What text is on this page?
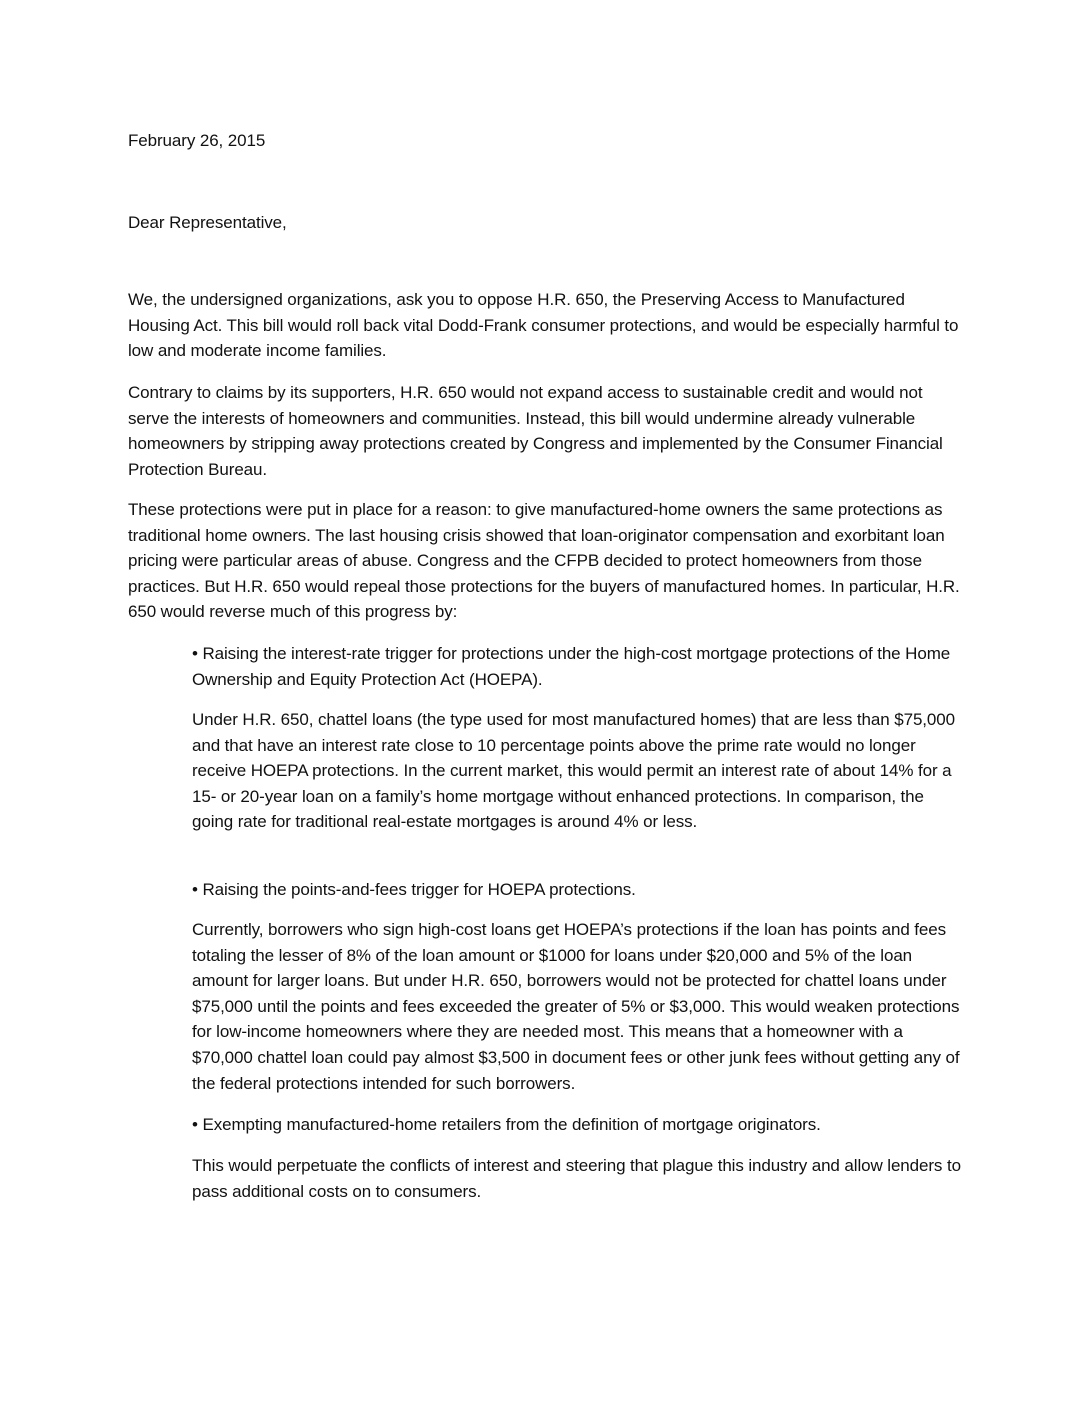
February 26, 2015

Dear Representative,

We, the undersigned organizations, ask you to oppose H.R. 650, the Preserving Access to Manufactured Housing Act. This bill would roll back vital Dodd-Frank consumer protections, and would be especially harmful to low and moderate income families.

Contrary to claims by its supporters, H.R. 650 would not expand access to sustainable credit and would not serve the interests of homeowners and communities. Instead, this bill would undermine already vulnerable homeowners by stripping away protections created by Congress and implemented by the Consumer Financial Protection Bureau.

These protections were put in place for a reason: to give manufactured-home owners the same protections as traditional home owners. The last housing crisis showed that loan-originator compensation and exorbitant loan pricing were particular areas of abuse. Congress and the CFPB decided to protect homeowners from those practices. But H.R. 650 would repeal those protections for the buyers of manufactured homes. In particular, H.R. 650 would reverse much of this progress by:

• Raising the interest-rate trigger for protections under the high-cost mortgage protections of the Home Ownership and Equity Protection Act (HOEPA).

Under H.R. 650, chattel loans (the type used for most manufactured homes) that are less than $75,000 and that have an interest rate close to 10 percentage points above the prime rate would no longer receive HOEPA protections. In the current market, this would permit an interest rate of about 14% for a 15- or 20-year loan on a family’s home mortgage without enhanced protections. In comparison, the going rate for traditional real-estate mortgages is around 4% or less.

• Raising the points-and-fees trigger for HOEPA protections.

Currently, borrowers who sign high-cost loans get HOEPA’s protections if the loan has points and fees totaling the lesser of 8% of the loan amount or $1000 for loans under $20,000 and 5% of the loan amount for larger loans. But under H.R. 650, borrowers would not be protected for chattel loans under $75,000 until the points and fees exceeded the greater of 5% or $3,000. This would weaken protections for low-income homeowners where they are needed most. This means that a homeowner with a $70,000 chattel loan could pay almost $3,500 in document fees or other junk fees without getting any of the federal protections intended for such borrowers.

• Exempting manufactured-home retailers from the definition of mortgage originators.

This would perpetuate the conflicts of interest and steering that plague this industry and allow lenders to pass additional costs on to consumers.
